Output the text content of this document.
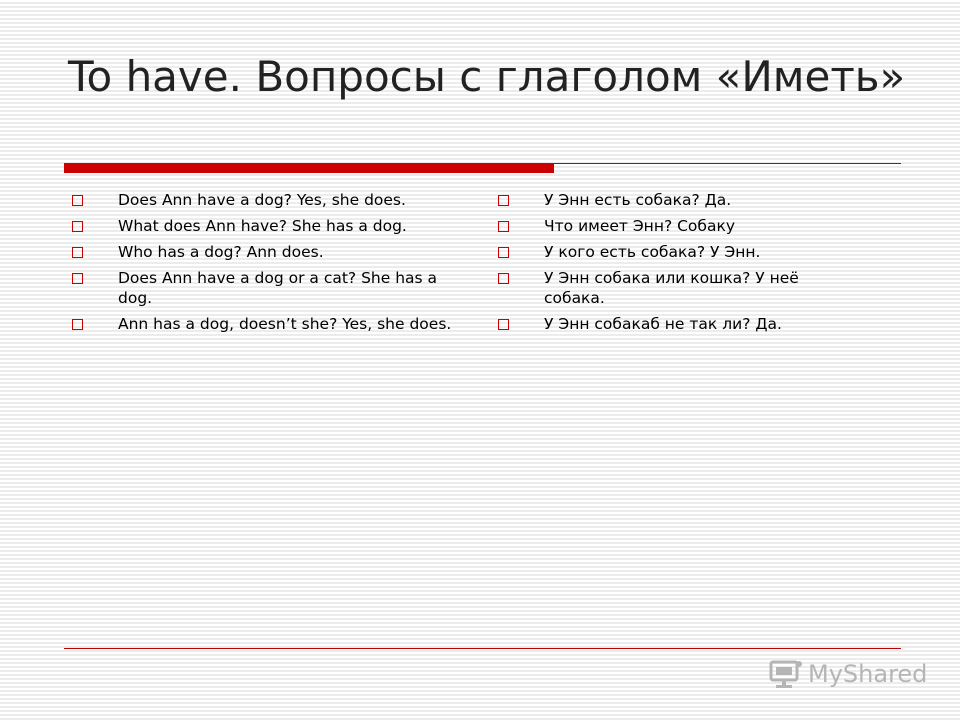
To have. Вопросы с глаголом «Иметь»
Does Ann have a dog? Yes, she does.
What does Ann have? She has a dog.
Who has a dog? Ann does.
Does Ann have a dog or a cat? She has a dog.
Ann has a dog, doesn’t she? Yes, she does.
У Энн есть собака? Да.
Что имеет Энн? Собаку
У кого есть собака? У Энн.
У Энн собака или кошка? У неё собака.
У Энн собакаб не так ли? Да.
MyShared
